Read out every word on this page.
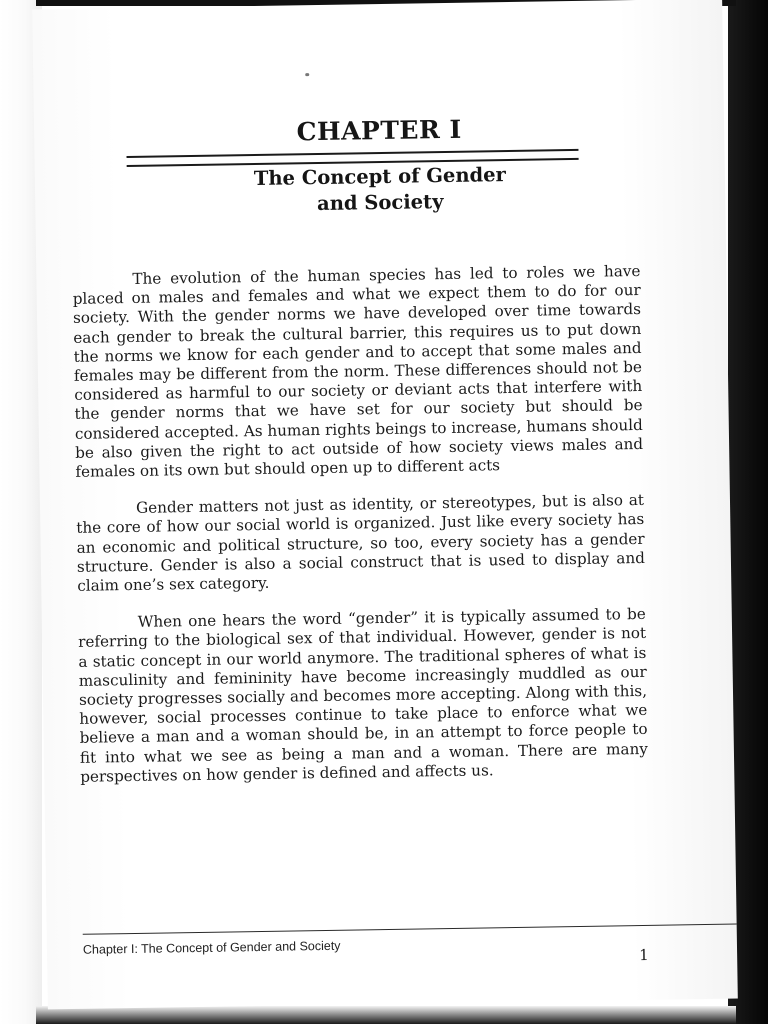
CHAPTER I
The Concept of Gender
and Society

The evolution of the human species has led to roles we have placed on males and females and what we expect them to do for our society. With the gender norms we have developed over time towards each gender to break the cultural barrier, this requires us to put down the norms we know for each gender and to accept that some males and females may be different from the norm. These differences should not be considered as harmful to our society or deviant acts that interfere with the gender norms that we have set for our society but should be considered accepted. As human rights beings to increase, humans should be also given the right to act outside of how society views males and females on its own but should open up to different acts

Gender matters not just as identity, or stereotypes, but is also at the core of how our social world is organized. Just like every society has an economic and political structure, so too, every society has a gender structure. Gender is also a social construct that is used to display and claim one’s sex category.

When one hears the word “gender” it is typically assumed to be referring to the biological sex of that individual. However, gender is not a static concept in our world anymore. The traditional spheres of what is masculinity and femininity have become increasingly muddled as our society progresses socially and becomes more accepting. Along with this, however, social processes continue to take place to enforce what we believe a man and a woman should be, in an attempt to force people to fit into what we see as being a man and a woman. There are many perspectives on how gender is defined and affects us.

Chapter I: The Concept of Gender and Society	1
